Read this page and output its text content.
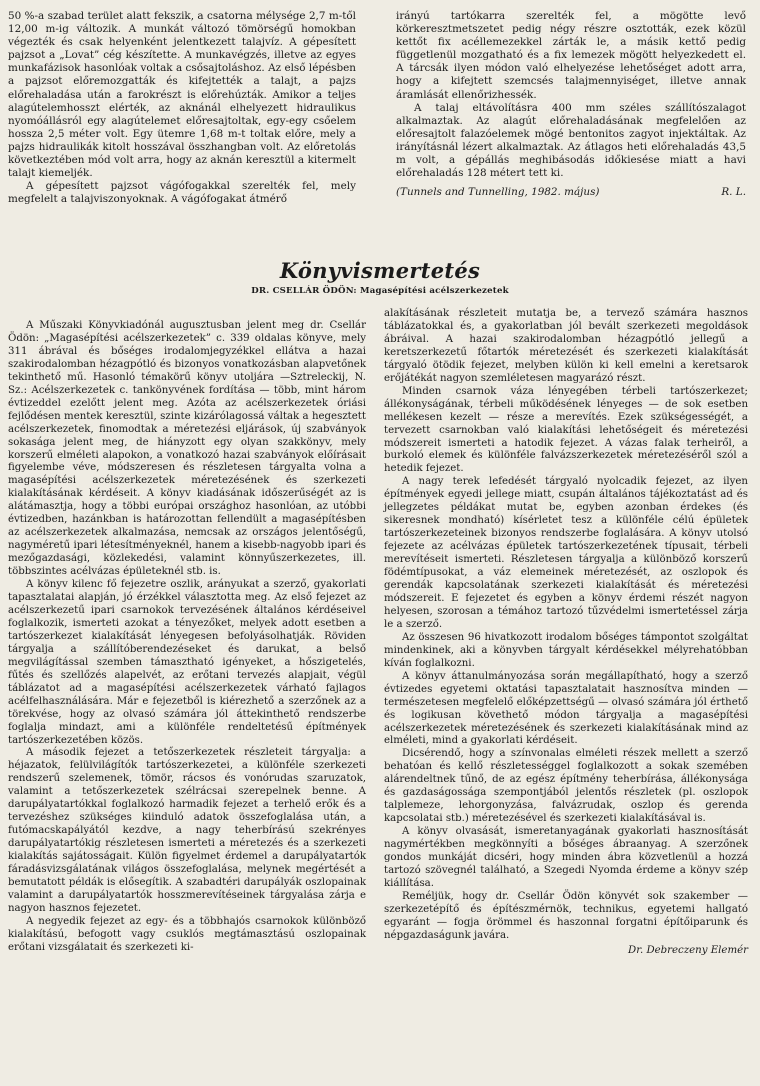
50 %-a szabad terület alatt fekszik, a csatorna mélysége 2,7 m-től 12,00 m-ig változik. A munkát változó tömörségű homokban végezték és csak helyenként jelentkezett talajvíz. A gépesített pajzsot a „Lovat” cég készítette. A munkavégzés, illetve az egyes munkafázisok hasonlóak voltak a csősajtoláshoz. Az első lépésben a pajzsot előremozgatták és kifejtették a talajt, a pajzs előrehaladása után a farokrészt is előrehúzták. Amikor a teljes alagútelemhosszt elérték, az aknánál elhelyezett hidraulikus nyomóállásról egy alagútelemet előresajtoltak, egy-egy csőelem hossza 2,5 méter volt. Egy ütemre 1,68 m-t toltak előre, mely a pajzs hidraulikák kitolt hosszával összhangban volt. Az előretolás következtében mód volt arra, hogy az aknán keresztül a kitermelt talajt kiemeljék.

A gépesített pajzsot vágófogakkal szerelték fel, mely megfelelt a talajviszonyoknak. A vágófogakat átmérő

irányú tartókarra szerelték fel, a mögötte levő körkeresztmetszetet pedig négy részre osztották, ezek közül kettőt fix acéllemezekkel zárták le, a másik kettő pedig függetlenül mozgatható és a fix lemezek mögött helyezkedett el. A tárcsák ilyen módon való elhelyezése lehetőséget adott arra, hogy a kifejtett szemcsés talajmennyiséget, illetve annak áramlását ellenőrizhessék.

A talaj eltávolításra 400 mm széles szállítószalagot alkalmaztak. Az alagút előrehaladásának megfelelően az előresajtolt falazóelemek mögé bentonitos zagyot injektáltak. Az irányításnál lézert alkalmaztak. Az átlagos heti előrehaladás 43,5 m volt, a gépállás meghibásodás időkiesése miatt a havi előrehaladás 128 métert tett ki.

(Tunnels and Tunnelling, 1982. május)	R. L.
Könyvismertetés
DR. CSELLÁR ÖDÖN: Magasépítési acélszerkezetek

A Műszaki Könyvkiadónál augusztusban jelent meg dr. Csellár Ödön: „Magasépítési acélszerkezetek” c. 339 oldalas könyve, mely 311 ábrával és bőséges irodalomjegyzékkel ellátva a hazai szakirodalomban hézagpótló és bizonyos vonatkozásban alapvetőnek tekinthető mű. Hasonló témakörű könyv utoljára —Sztreleckij, N. Sz.: Acélszerkezetek c. tankönyvének fordítása — több, mint három évtizeddel ezelőtt jelent meg. Azóta az acélszerkezetek óriási fejlődésen mentek keresztül, szinte kizárólagossá váltak a hegesztett acélszerkezetek, finomodtak a méretezési eljárások, új szabványok sokasága jelent meg, de hiányzott egy olyan szakkönyv, mely korszerű elméleti alapokon, a vonatkozó hazai szabványok előírásait figyelembe véve, módszeresen és részletesen tárgyalta volna a magasépítési acélszerkezetek méretezésének és szerkezeti kialakításának kérdéseit. A könyv kiadásának időszerűségét az is alátámasztja, hogy a többi európai országhoz hasonlóan, az utóbbi évtizedben, hazánkban is határozottan fellendült a magasépítésben az acélszerkezetek alkalmazása, nemcsak az országos jelentőségű, nagyméretű ipari létesítményeknél, hanem a kisebb-nagyobb ipari és mezőgazdasági, közlekedési, valamint könnyűszerkezetes, ill. többszintes acélvázas épületeknél stb. is.

A könyv kilenc fő fejezetre oszlik, arányukat a szerző, gyakorlati tapasztalatai alapján, jó érzékkel választotta meg. Az első fejezet az acélszerkezetű ipari csarnokok tervezésének általános kérdéseivel foglalkozik, ismerteti azokat a tényezőket, melyek adott esetben a tartószerkezet kialakítását lényegesen befolyásolhatják. Röviden tárgyalja a szállítóberendezéseket és darukat, a belső megvilágítással szemben támasztható igényeket, a hőszigetelés, fűtés és szellőzés alapelvét, az erőtani tervezés alapjait, végül táblázatot ad a magasépítési acélszerkezetek várható fajlagos acélfelhasználására. Már e fejezetből is kiérezhető a szerzőnek az a törekvése, hogy az olvasó számára jól áttekinthető rendszerbe foglalja mindazt, ami a különféle rendeltetésű építmények tartószerkezetében közös.

A második fejezet a tetőszerkezetek részleteit tárgyalja: a héjazatok, felülvilágítók tartószerkezetei, a különféle szerkezeti rendszerű szelemenek, tömör, rácsos és vonórudas szaruzatok, valamint a tetőszerkezetek szélrácsai szerepelnek benne. A darupályatartókkal foglalkozó harmadik fejezet a terhelő erők és a tervezéshez szükséges kiinduló adatok összefoglalása után, a futómacskapályától kezdve, a nagy teherbírású szekrényes darupályatartókig részletesen ismerteti a méretezés és a szerkezeti kialakítás sajátosságait. Külön figyelmet érdemel a darupályatartók fáradásvizsgálatának világos összefoglalása, melynek megértését a bemutatott példák is elősegítik. A szabadtéri darupályák oszlopainak valamint a darupályatartók hosszmerevítéseinek tárgyalása zárja e nagyon hasznos fejezetet.

A negyedik fejezet az egy- és a többhajós csarnokok különböző kialakítású, befogott vagy csuklós megtámasztású oszlopainak erőtani vizsgálatait és szerkezeti ki-

alakításának részleteit mutatja be, a tervező számára hasznos táblázatokkal és, a gyakorlatban jól bevált szerkezeti megoldások ábráival. A hazai szakirodalomban hézagpótló jellegű a keretszerkezetű főtartók méretezését és szerkezeti kialakítását tárgyaló ötödik fejezet, melyben külön ki kell emelni a keretsarok erőjátékát nagyon szemléletesen magyarázó részt.

Minden csarnok váza lényegében térbeli tartószerkezet; állékonyságának, térbeli működésének lényeges — de sok esetben mellékesen kezelt — része a merevítés. Ezek szükségességét, a tervezett csarnokban való kialakítási lehetőségeit és méretezési módszereit ismerteti a hatodik fejezet. A vázas falak terheiről, a burkoló elemek és különféle falvázszerkezetek méretezéséről szól a hetedik fejezet.

A nagy terek lefedését tárgyaló nyolcadik fejezet, az ilyen építmények egyedi jellege miatt, csupán általános tájékoztatást ad és jellegzetes példákat mutat be, egyben azonban érdekes (és sikeresnek mondható) kísérletet tesz a különféle célú épületek tartószerkezeteinek bizonyos rendszerbe foglalására. A könyv utolsó fejezete az acélvázas épületek tartószerkezetének típusait, térbeli merevítéseit ismerteti. Részletesen tárgyalja a különböző korszerű födémtípusokat, a váz elemeinek méretezését, az oszlopok és gerendák kapcsolatának szerkezeti kialakítását és méretezési módszereit. E fejezetet és egyben a könyv érdemi részét nagyon helyesen, szorosan a témához tartozó tűzvédelmi ismertetéssel zárja le a szerző.

Az összesen 96 hivatkozott irodalom bőséges támpontot szolgáltat mindenkinek, aki a könyvben tárgyalt kérdésekkel mélyrehatóbban kíván foglalkozni.

A könyv áttanulmányozása során megállapítható, hogy a szerző évtizedes egyetemi oktatási tapasztalatait hasznosítva minden — természetesen megfelelő előképzettségű — olvasó számára jól érthető és logikusan követhető módon tárgyalja a magasépítési acélszerkezetek méretezésének és szerkezeti kialakításának mind az elméleti, mind a gyakorlati kérdéseit.

Dicsérendő, hogy a színvonalas elméleti részek mellett a szerző behatóan és kellő részletességgel foglalkozott a sokak szemében alárendeltnek tűnő, de az egész építmény teherbírása, állékonysága és gazdaságossága szempontjából jelentős részletek (pl. oszlopok talplemeze, lehorgonyzása, falvázrudak, oszlop és gerenda kapcsolatai stb.) méretezésével és szerkezeti kialakításával is.

A könyv olvasását, ismeretanyagának gyakorlati hasznosítását nagymértékben megkönnyíti a bőséges ábraanyag. A szerzőnek gondos munkáját dicséri, hogy minden ábra közvetlenül a hozzá tartozó szövegnél található, a Szegedi Nyomda érdeme a könyv szép kiállítása.

Reméljük, hogy dr. Csellár Ödön könyvét sok szakember — szerkezetépítő és építészmérnök, technikus, egyetemi hallgató egyaránt — fogja örömmel és haszonnal forgatni építőiparunk és népgazdaságunk javára.

Dr. Debreczeny Elemér
